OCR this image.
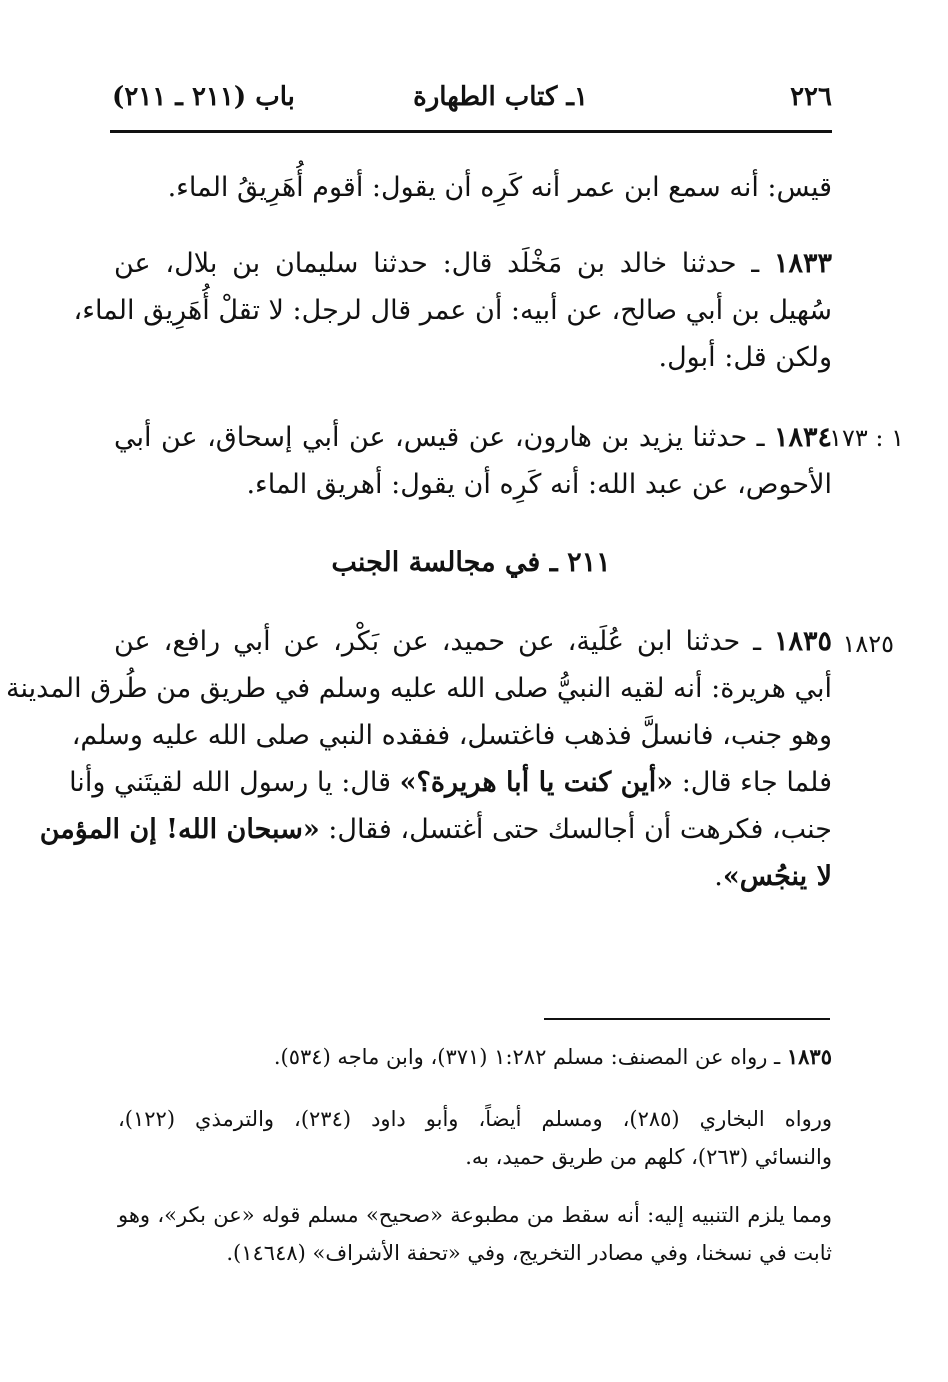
٢٢٦
١ـ كتاب الطهارة
باب (٢١١ ـ ٢١١)
قيس: أنه سمع ابن عمر أنه كَرِه أن يقول: أقوم أُهَرِيقُ الماء.
١٨٣٣ ـ حدثنا خالد بن مَخْلَد قال: حدثنا سليمان بن بلال، عن
سُهيل بن أبي صالح، عن أبيه: أن عمر قال لرجل: لا تقلْ أُهَرِيق الماء،
ولكن قل: أبول.
١ : ١٧٣
١٨٣٤ ـ حدثنا يزيد بن هارون، عن قيس، عن أبي إسحاق، عن أبي
الأحوص، عن عبد الله: أنه كَرِه أن يقول: أهريق الماء.
٢١١ ـ في مجالسة الجنب
١٨٢٥
١٨٣٥ ـ حدثنا ابن عُلَية، عن حميد، عن بَكْر، عن أبي رافع، عن
أبي هريرة: أنه لقيه النبيُّ صلى الله عليه وسلم في طريق من طُرق المدينة
وهو جنب، فانسلَّ فذهب فاغتسل، ففقده النبي صلى الله عليه وسلم،
فلما جاء قال: «أين كنت يا أبا هريرة؟» قال: يا رسول الله لقيتَني وأنا
جنب، فكرهت أن أجالسك حتى أغتسل، فقال: «سبحان الله! إن المؤمن
لا ينجُس».
١٨٣٥ ـ رواه عن المصنف: مسلم ١:٢٨٢ (٣٧١)، وابن ماجه (٥٣٤).
ورواه البخاري (٢٨٥)، ومسلم أيضاً، وأبو داود (٢٣٤)، والترمذي (١٢٢)،
والنسائي (٢٦٣)، كلهم من طريق حميد، به.
ومما يلزم التنبيه إليه: أنه سقط من مطبوعة «صحيح» مسلم قوله «عن بكر»، وهو
ثابت في نسخنا، وفي مصادر التخريج، وفي «تحفة الأشراف» (١٤٦٤٨).
